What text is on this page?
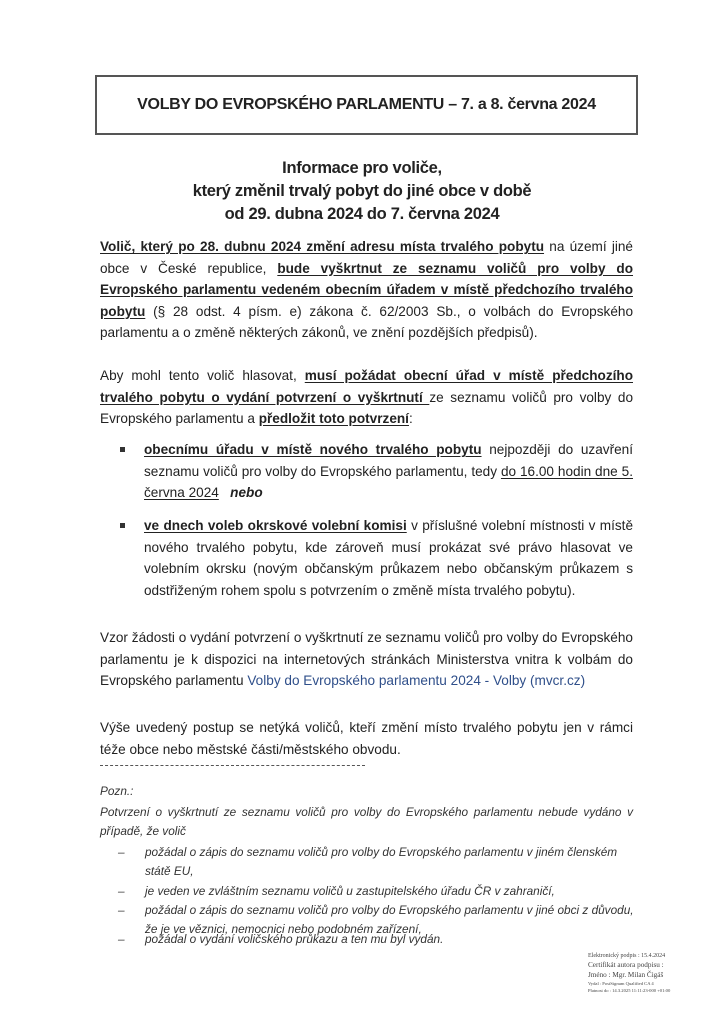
VOLBY DO EVROPSKÉHO PARLAMENTU – 7. a 8. června 2024
Informace pro voliče,
který změnil trvalý pobyt do jiné obce v době
od 29. dubna 2024 do 7. června 2024
Volič, který po 28. dubnu 2024 změní adresu místa trvalého pobytu na území jiné obce v České republice, bude vyškrtnut ze seznamu voličů pro volby do Evropského parlamentu vedeném obecním úřadem v místě předchozího trvalého pobytu (§ 28 odst. 4 písm. e) zákona č. 62/2003 Sb., o volbách do Evropského parlamentu a o změně některých zákonů, ve znění pozdějších předpisů).
Aby mohl tento volič hlasovat, musí požádat obecní úřad v místě předchozího trvalého pobytu o vydání potvrzení o vyškrtnutí ze seznamu voličů pro volby do Evropského parlamentu a předložit toto potvrzení:
obecnímu úřadu v místě nového trvalého pobytu nejpozději do uzavření seznamu voličů pro volby do Evropského parlamentu, tedy do 16.00 hodin dne 5. června 2024 nebo
ve dnech voleb okrskové volební komisi v příslušné volební místnosti v místě nového trvalého pobytu, kde zároveň musí prokázat své právo hlasovat ve volebním okrsku (novým občanským průkazem nebo občanským průkazem s odstřiženým rohem spolu s potvrzením o změně místa trvalého pobytu).
Vzor žádosti o vydání potvrzení o vyškrtnutí ze seznamu voličů pro volby do Evropského parlamentu je k dispozici na internetových stránkách Ministerstva vnitra k volbám do Evropského parlamentu Volby do Evropského parlamentu 2024 - Volby (mvcr.cz)
Výše uvedený postup se netýká voličů, kteří změní místo trvalého pobytu jen v rámci téže obce nebo městské části/městského obvodu.
Pozn.:
Potvrzení o vyškrtnutí ze seznamu voličů pro volby do Evropského parlamentu nebude vydáno v případě, že volič
– požádal o zápis do seznamu voličů pro volby do Evropského parlamentu v jiném členském státě EU,
– je veden ve zvláštním seznamu voličů u zastupitelského úřadu ČR v zahraničí,
– požádal o zápis do seznamu voličů pro volby do Evropského parlamentu v jiné obci z důvodu, že je ve věznici, nemocnici nebo podobném zařízení,
– požádal o vydání voličského průkazu a ten mu byl vydán.
Elektronický podpis : 15.4.2024
Certifikát autora podpisu :
Jméno : Mgr. Milan Čigáš
Vydal : PostSignum Qualified CA 4
Platnost do : 14.3.2025 11:11:23-000 +01:00
